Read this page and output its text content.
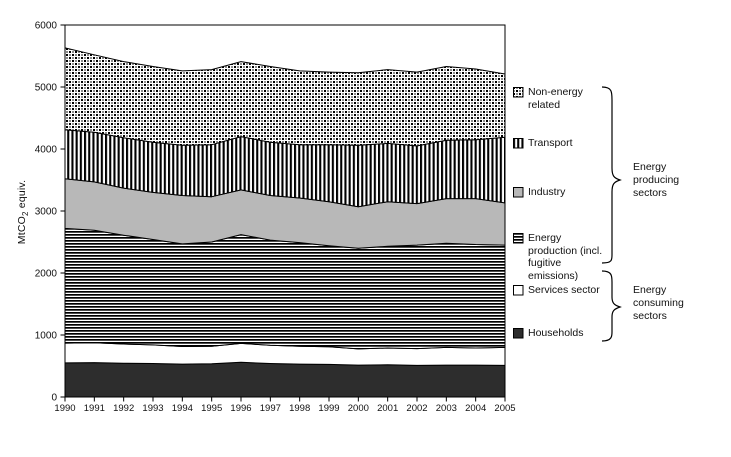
0
1000
2000
3000
4000
5000
6000
1990 1991 1992 1993 1994 1995 1996 1997 1998 1999 2000 2001 2002 2003 2004 2005
MtCO$_2$ equiv.
Non-energy related
Transport
Industry
Energy production (incl. fugitive emissions)
Services sector
Households
Energy producing sectors
Energy consuming sectors
